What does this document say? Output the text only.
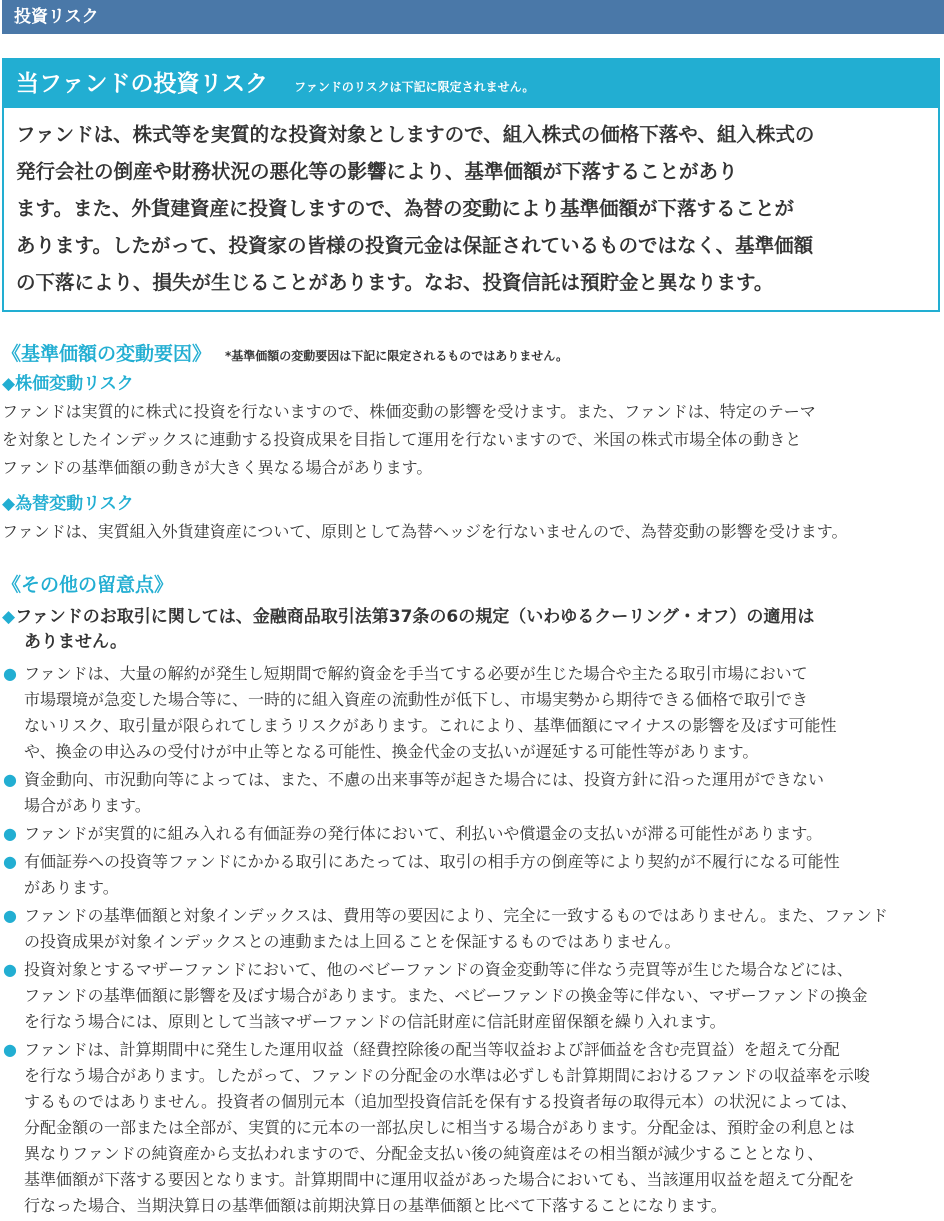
投資リスク
当ファンドの投資リスク ファンドのリスクは下記に限定されません。
ファンドは、株式等を実質的な投資対象としますので、組入株式の価格下落や、組入株式の
発行会社の倒産や財務状況の悪化等の影響により、基準価額が下落することがあり
ます。また、外貨建資産に投資しますので、為替の変動により基準価額が下落することが
あります。したがって、投資家の皆様の投資元金は保証されているものではなく、基準価額
の下落により、損失が生じることがあります。なお、投資信託は預貯金と異なります。
《基準価額の変動要因》 *基準価額の変動要因は下記に限定されるものではありません。
◆株価変動リスク
ファンドは実質的に株式に投資を行ないますので、株価変動の影響を受けます。また、ファンドは、特定のテーマ
を対象としたインデックスに連動する投資成果を目指して運用を行ないますので、米国の株式市場全体の動きと
ファンドの基準価額の動きが大きく異なる場合があります。
◆為替変動リスク
ファンドは、実質組入外貨建資産について、原則として為替ヘッジを行ないませんので、為替変動の影響を受けます。
《その他の留意点》
◆ファンドのお取引に関しては、金融商品取引法第37条の6の規定（いわゆるクーリング・オフ）の適用は
ありません。
● ファンドは、大量の解約が発生し短期間で解約資金を手当てする必要が生じた場合や主たる取引市場において
市場環境が急変した場合等に、一時的に組入資産の流動性が低下し、市場実勢から期待できる価格で取引でき
ないリスク、取引量が限られてしまうリスクがあります。これにより、基準価額にマイナスの影響を及ぼす可能性
や、換金の申込みの受付けが中止等となる可能性、換金代金の支払いが遅延する可能性等があります。
● 資金動向、市況動向等によっては、また、不慮の出来事等が起きた場合には、投資方針に沿った運用ができない
場合があります。
● ファンドが実質的に組み入れる有価証券の発行体において、利払いや償還金の支払いが滞る可能性があります。
● 有価証券への投資等ファンドにかかる取引にあたっては、取引の相手方の倒産等により契約が不履行になる可能性
があります。
● ファンドの基準価額と対象インデックスは、費用等の要因により、完全に一致するものではありません。また、ファンド
の投資成果が対象インデックスとの連動または上回ることを保証するものではありません。
● 投資対象とするマザーファンドにおいて、他のベビーファンドの資金変動等に伴なう売買等が生じた場合などには、
ファンドの基準価額に影響を及ぼす場合があります。また、ベビーファンドの換金等に伴ない、マザーファンドの換金
を行なう場合には、原則として当該マザーファンドの信託財産に信託財産留保額を繰り入れます。
● ファンドは、計算期間中に発生した運用収益（経費控除後の配当等収益および評価益を含む売買益）を超えて分配
を行なう場合があります。したがって、ファンドの分配金の水準は必ずしも計算期間におけるファンドの収益率を示唆
するものではありません。投資者の個別元本（追加型投資信託を保有する投資者毎の取得元本）の状況によっては、
分配金額の一部または全部が、実質的に元本の一部払戻しに相当する場合があります。分配金は、預貯金の利息とは
異なりファンドの純資産から支払われますので、分配金支払い後の純資産はその相当額が減少することとなり、
基準価額が下落する要因となります。計算期間中に運用収益があった場合においても、当該運用収益を超えて分配を
行なった場合、当期決算日の基準価額は前期決算日の基準価額と比べて下落することになります。
